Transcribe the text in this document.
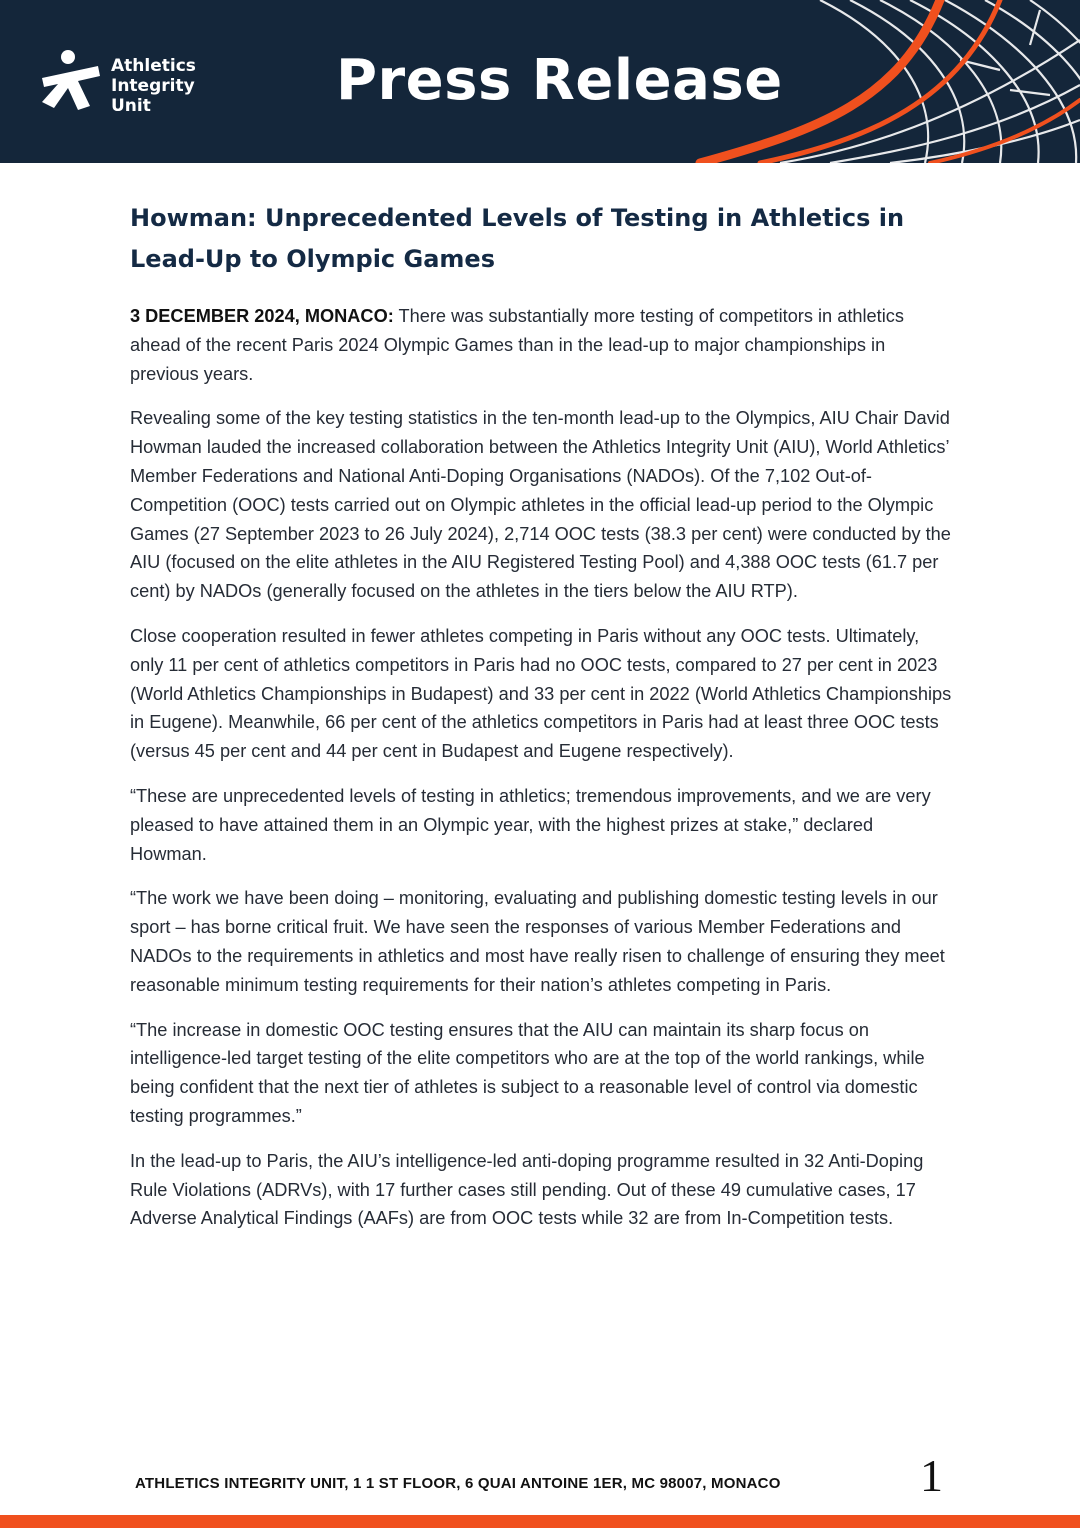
Athletics
Integrity
Unit	Press Release
Howman: Unprecedented Levels of Testing in Athletics in Lead-Up to Olympic Games

3 DECEMBER 2024, MONACO: There was substantially more testing of competitors in athletics ahead of the recent Paris 2024 Olympic Games than in the lead-up to major championships in previous years.

Revealing some of the key testing statistics in the ten-month lead-up to the Olympics, AIU Chair David Howman lauded the increased collaboration between the Athletics Integrity Unit (AIU), World Athletics’ Member Federations and National Anti-Doping Organisations (NADOs). Of the 7,102 Out-of-Competition (OOC) tests carried out on Olympic athletes in the official lead-up period to the Olympic Games (27 September 2023 to 26 July 2024), 2,714 OOC tests (38.3 per cent) were conducted by the AIU (focused on the elite athletes in the AIU Registered Testing Pool) and 4,388 OOC tests (61.7 per cent) by NADOs (generally focused on the athletes in the tiers below the AIU RTP).

Close cooperation resulted in fewer athletes competing in Paris without any OOC tests. Ultimately, only 11 per cent of athletics competitors in Paris had no OOC tests, compared to 27 per cent in 2023 (World Athletics Championships in Budapest) and 33 per cent in 2022 (World Athletics Championships in Eugene). Meanwhile, 66 per cent of the athletics competitors in Paris had at least three OOC tests (versus 45 per cent and 44 per cent in Budapest and Eugene respectively).

“These are unprecedented levels of testing in athletics; tremendous improvements, and we are very pleased to have attained them in an Olympic year, with the highest prizes at stake,” declared Howman.

“The work we have been doing – monitoring, evaluating and publishing domestic testing levels in our sport – has borne critical fruit. We have seen the responses of various Member Federations and NADOs to the requirements in athletics and most have really risen to challenge of ensuring they meet reasonable minimum testing requirements for their nation’s athletes competing in Paris.

“The increase in domestic OOC testing ensures that the AIU can maintain its sharp focus on intelligence-led target testing of the elite competitors who are at the top of the world rankings, while being confident that the next tier of athletes is subject to a reasonable level of control via domestic testing programmes.”

In the lead-up to Paris, the AIU’s intelligence-led anti-doping programme resulted in 32 Anti-Doping Rule Violations (ADRVs), with 17 further cases still pending. Out of these 49 cumulative cases, 17 Adverse Analytical Findings (AAFs) are from OOC tests while 32 are from In-Competition tests.

ATHLETICS INTEGRITY UNIT, 1 1 ST FLOOR, 6 QUAI ANTOINE 1ER, MC 98007, MONACO	1
